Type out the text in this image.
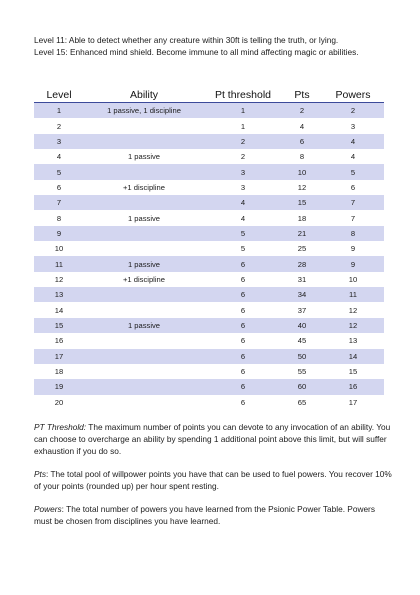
Level 11: Able to detect whether any creature within 30ft is telling the truth, or lying.

Level 15: Enhanced mind shield. Become immune to all mind affecting magic or abilities.

Level	Ability	Pt threshold	Pts	Powers
1	1 passive, 1 discipline	1	2	2
2		1	4	3
3		2	6	4
4	1 passive	2	8	4
5		3	10	5
6	+1 discipline	3	12	6
7		4	15	7
8	1 passive	4	18	7
9		5	21	8
10		5	25	9
11	1 passive	6	28	9
12	+1 discipline	6	31	10
13		6	34	11
14		6	37	12
15	1 passive	6	40	12
16		6	45	13
17		6	50	14
18		6	55	15
19		6	60	16
20		6	65	17

PT Threshold: The maximum number of points you can devote to any invocation of an ability. You can choose to overcharge an ability by spending 1 additional point above this limit, but will suffer exhaustion if you do so.

Pts: The total pool of willpower points you have that can be used to fuel powers. You recover 10% of your points (rounded up) per hour spent resting.

Powers: The total number of powers you have learned from the Psionic Power Table. Powers must be chosen from disciplines you have learned.
